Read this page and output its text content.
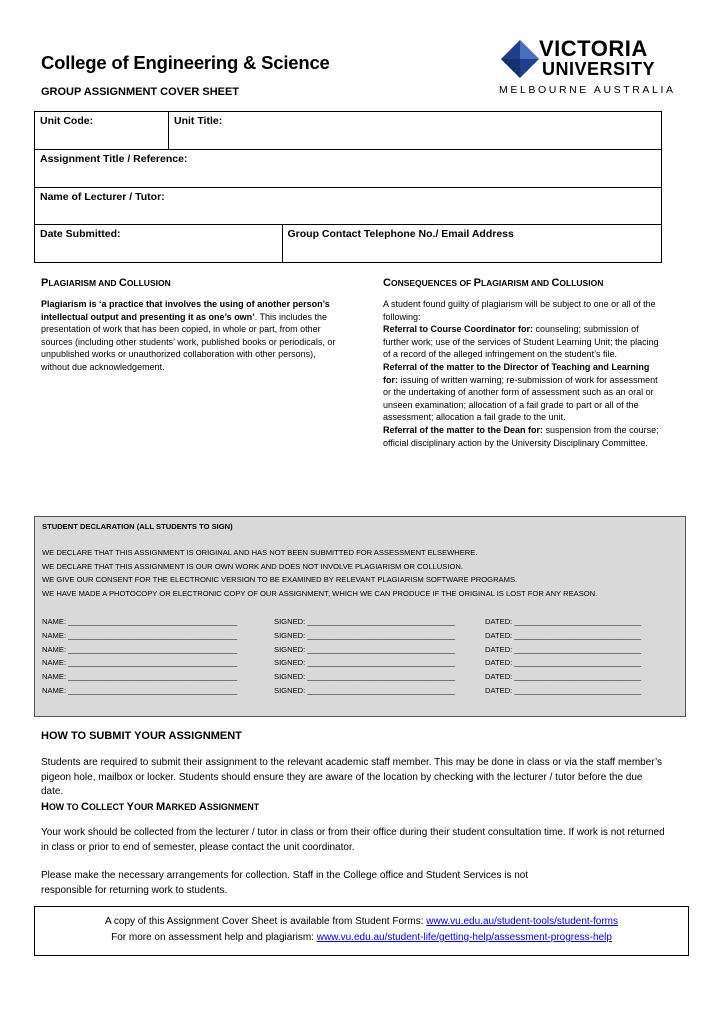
College of Engineering & Science
GROUP ASSIGNMENT COVER SHEET
VICTORIA
UNIVERSITY
MELBOURNE AUSTRALIA
Unit Code:	Unit Title:	
Assignment Title / Reference:		
Name of Lecturer / Tutor:		
Date Submitted:		Group Contact Telephone No./ Email Address
PLAGIARISM AND COLLUSION
Plagiarism is ‘a practice that involves the using of another person’s intellectual output and presenting it as one’s own’. This includes the presentation of work that has been copied, in whole or part, from other sources (including other students’ work, published books or periodicals, or unpublished works or unauthorized collaboration with other persons), without due acknowledgement.
CONSEQUENCES OF PLAGIARISM AND COLLUSION
A student found guilty of plagiarism will be subject to one or all of the following:
Referral to Course Coordinator for: counseling; submission of further work; use of the services of Student Learning Unit; the placing of a record of the alleged infringement on the student’s file.
Referral of the matter to the Director of Teaching and Learning for: issuing of written warning; re-submission of work for assessment or the undertaking of another form of assessment such as an oral or unseen examination; allocation of a fail grade to part or all of the assessment; allocation a fail grade to the unit.
Referral of the matter to the Dean for: suspension from the course; official disciplinary action by the University Disciplinary Committee.
STUDENT DECLARATION (ALL STUDENTS TO SIGN)
WE DECLARE THAT THIS ASSIGNMENT IS ORIGINAL AND HAS NOT BEEN SUBMITTED FOR ASSESSMENT ELSEWHERE.
WE DECLARE THAT THIS ASSIGNMENT IS OUR OWN WORK AND DOES NOT INVOLVE PLAGIARISM OR COLLUSION.
WE GIVE OUR CONSENT FOR THE ELECTRONIC VERSION TO BE EXAMINED BY RELEVANT PLAGIARISM SOFTWARE PROGRAMS.
WE HAVE MADE A PHOTOCOPY OR ELECTRONIC COPY OF OUR ASSIGNMENT, WHICH WE CAN PRODUCE IF THE ORIGINAL IS LOST FOR ANY REASON.
NAME: ________________________________________	SIGNED: ___________________________________	DATED: ______________________________
NAME: ________________________________________	SIGNED: ___________________________________	DATED: ______________________________
NAME: ________________________________________	SIGNED: ___________________________________	DATED: ______________________________
NAME: ________________________________________	SIGNED: ___________________________________	DATED: ______________________________
NAME: ________________________________________	SIGNED: ___________________________________	DATED: ______________________________
NAME: ________________________________________	SIGNED: ___________________________________	DATED: ______________________________
HOW TO SUBMIT YOUR ASSIGNMENT
Students are required to submit their assignment to the relevant academic staff member. This may be done in class or via the staff member’s pigeon hole, mailbox or locker. Students should ensure they are aware of the location by checking with the lecturer / tutor before the due date.
HOW TO COLLECT YOUR MARKED ASSIGNMENT
Your work should be collected from the lecturer / tutor in class or from their office during their student consultation time. If work is not returned in class or prior to end of semester, please contact the unit coordinator.
Please make the necessary arrangements for collection. Staff in the College office and Student Services is not
responsible for returning work to students.
A copy of this Assignment Cover Sheet is available from Student Forms: www.vu.edu.au/student-tools/student-forms
For more on assessment help and plagiarism: www.vu.edu.au/student-life/getting-help/assessment-progress-help
